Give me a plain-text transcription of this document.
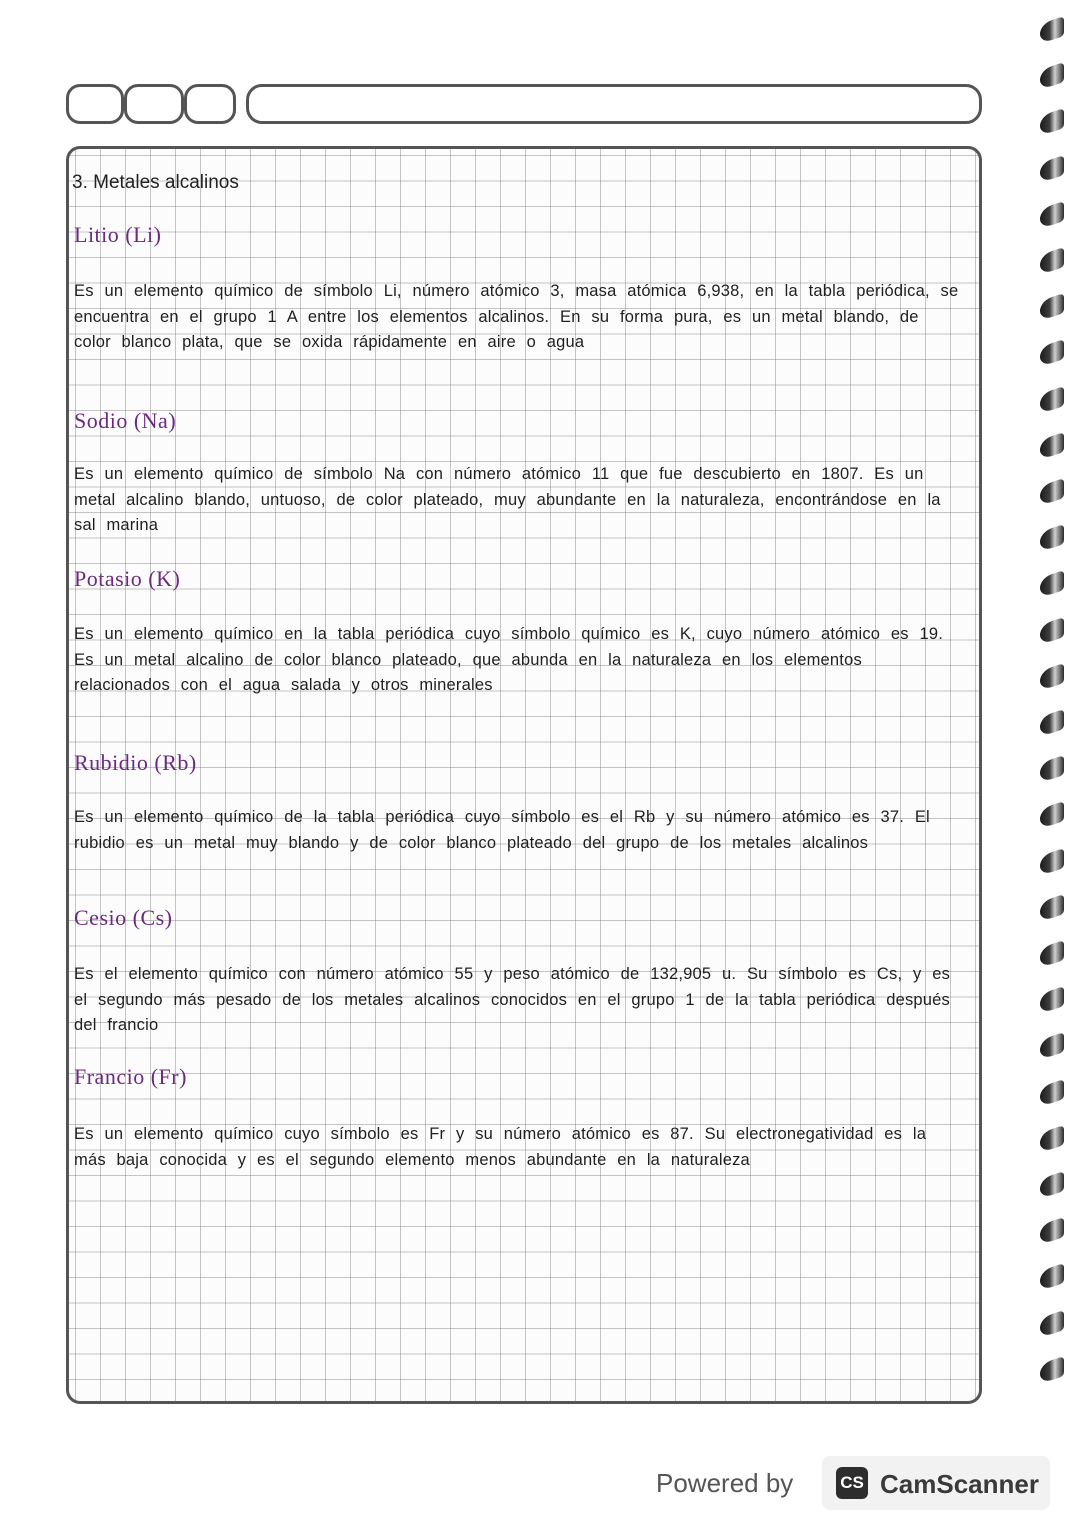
3. Metales alcalinos
Litio (Li)
Es un elemento químico de símbolo Li, número atómico 3, masa atómica 6,938, en la tabla periódica, se encuentra en el grupo 1 A entre los elementos alcalinos. En su forma pura, es un metal blando, de color blanco plata, que se oxida rápidamente en aire o agua
Sodio (Na)
Es un elemento químico de símbolo Na con número atómico 11 que fue descubierto en 1807. Es un metal alcalino blando, untuoso, de color plateado, muy abundante en la naturaleza, encontrándose en la sal marina
Potasio (K)
Es un elemento químico en la tabla periódica cuyo símbolo químico es K, cuyo número atómico es 19. Es un metal alcalino de color blanco plateado, que abunda en la naturaleza en los elementos relacionados con el agua salada y otros minerales
Rubidio (Rb)
Es un elemento químico de la tabla periódica cuyo símbolo es el Rb y su número atómico es 37. El rubidio es un metal muy blando y de color blanco plateado del grupo de los metales alcalinos
Cesio (Cs)
Es el elemento químico con número atómico 55 y peso atómico de 132,905 u. Su símbolo es Cs, y es el segundo más pesado de los metales alcalinos conocidos en el grupo 1 de la tabla periódica después del francio
Francio (Fr)
Es un elemento químico cuyo símbolo es Fr y su número atómico es 87. Su electronegatividad es la más baja conocida y es el segundo elemento menos abundante en la naturaleza
Powered by	CS CamScanner
